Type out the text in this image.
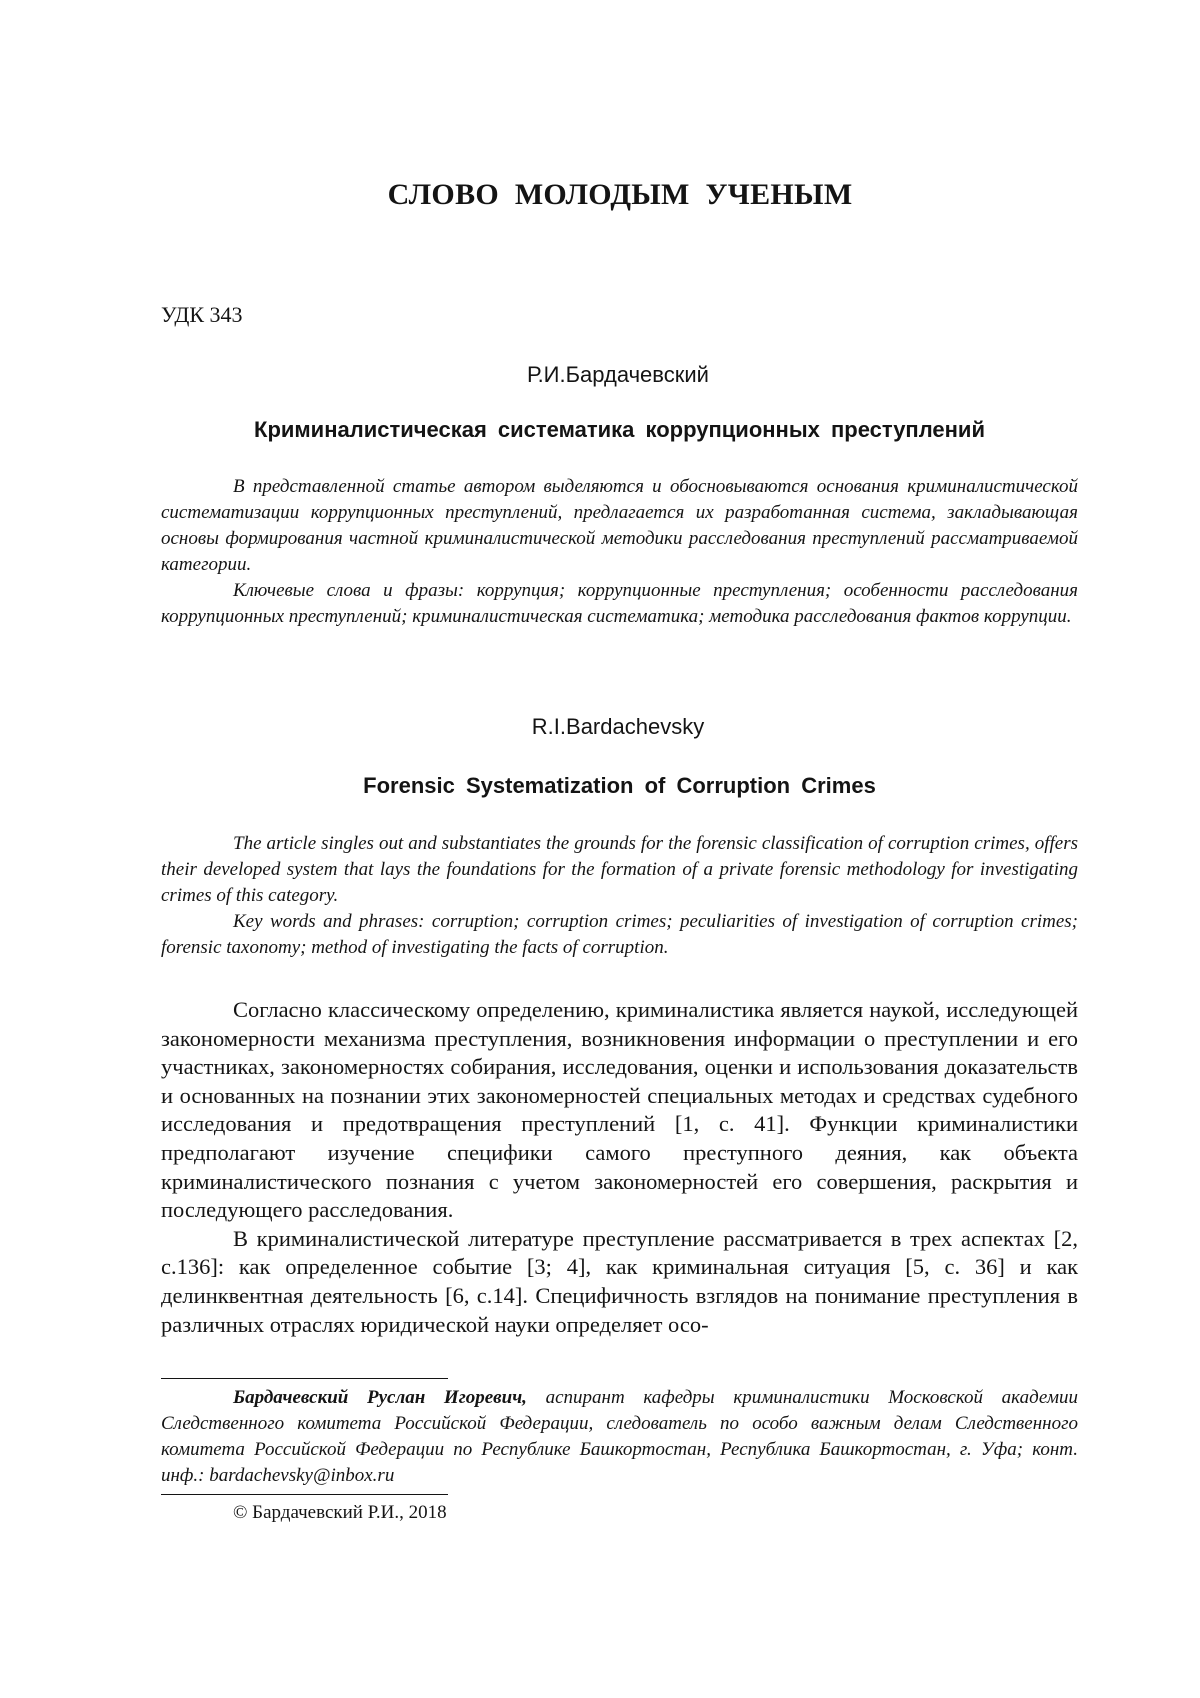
СЛОВО МОЛОДЫМ УЧЕНЫМ
УДК 343
Р.И.Бардачевский
Криминалистическая систематика коррупционных преступлений

В представленной статье автором выделяются и обосновываются основания криминалистической систематизации коррупционных преступлений, предлагается их разработанная система, закладывающая основы формирования частной криминалистической методики расследования преступлений рассматриваемой категории.

Ключевые слова и фразы: коррупция; коррупционные преступления; особенности расследования коррупционных преступлений; криминалистическая систематика; методика расследования фактов коррупции.

R.I.Bardachevsky
Forensic Systematization of Corruption Crimes

The article singles out and substantiates the grounds for the forensic classification of corruption crimes, offers their developed system that lays the foundations for the formation of a private forensic methodology for investigating crimes of this category.

Key words and phrases: corruption; corruption crimes; peculiarities of investigation of corruption crimes; forensic taxonomy; method of investigating the facts of corruption.

Согласно классическому определению, криминалистика является наукой, исследующей закономерности механизма преступления, возникновения информации о преступлении и его участниках, закономерностях собирания, исследования, оценки и использования доказательств и основанных на познании этих закономерностей специальных методах и средствах судебного исследования и предотвращения преступлений [1, с. 41]. Функции криминалистики предполагают изучение специфики самого преступного деяния, как объекта криминалистического познания с учетом закономерностей его совершения, раскрытия и последующего расследования.

В криминалистической литературе преступление рассматривается в трех аспектах [2, с.136]: как определенное событие [3; 4], как криминальная ситуация [5, с. 36] и как делинквентная деятельность [6, с.14]. Специфичность взглядов на понимание преступления в различных отраслях юридической науки определяет осо-

Бардачевский Руслан Игоревич, аспирант кафедры криминалистики Московской академии Следственного комитета Российской Федерации, следователь по особо важным делам Следственного комитета Российской Федерации по Республике Башкортостан, Республика Башкортостан, г. Уфа; конт. инф.: bardachevsky@inbox.ru

© Бардачевский Р.И., 2018
